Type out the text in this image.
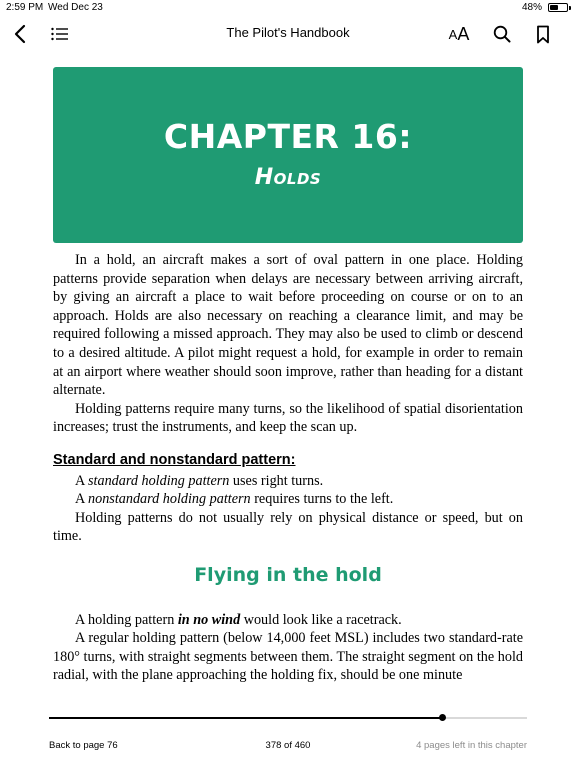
2:59 PM Wed Dec 23	48%
The Pilot's Handbook	A A
CHAPTER 16:
Holds

In a hold, an aircraft makes a sort of oval pattern in one place. Holding patterns provide separation when delays are necessary between arriving aircraft, by giving an aircraft a place to wait before proceeding on course or on to an approach. Holds are also necessary on reaching a clearance limit, and may be required following a missed approach. They may also be used to climb or descend to a desired altitude. A pilot might request a hold, for example in order to remain at an airport where weather should soon improve, rather than heading for a distant alternate.

Holding patterns require many turns, so the likelihood of spatial disorientation increases; trust the instruments, and keep the scan up.

Standard and nonstandard pattern:

A standard holding pattern uses right turns.

A nonstandard holding pattern requires turns to the left.

Holding patterns do not usually rely on physical distance or speed, but on time.

Flying in the hold

A holding pattern in no wind would look like a racetrack.

A regular holding pattern (below 14,000 feet MSL) includes two standard-rate 180° turns, with straight segments between them. The straight segment on the hold radial, with the plane approaching the holding fix, should be one minute

Back to page 76	378 of 460	4 pages left in this chapter
